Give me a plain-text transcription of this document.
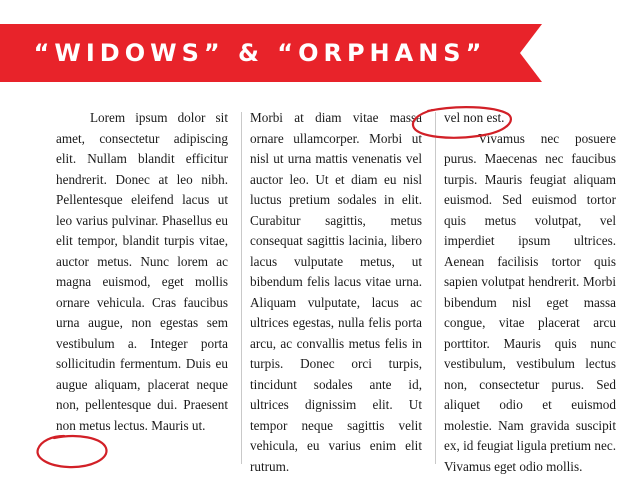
“WIDOWS” & “ORPHANS”

Lorem ipsum dolor sit amet, consectetur adipiscing elit. Nullam blandit efficitur hendrerit. Donec at leo nibh. Pellentesque eleifend lacus ut leo varius pulvinar. Phasellus eu elit tempor, blandit turpis vitae, auctor metus. Nunc lorem ac magna euismod, eget mollis ornare vehicula. Cras faucibus urna augue, non egestas sem vestibulum a. Integer porta sollicitudin fermentum. Duis eu augue aliquam, placerat neque non, pellentesque dui. Praesent non metus lectus. Mauris ut.

Morbi at diam vitae massa ornare ullamcorper. Morbi ut nisl ut urna mattis venenatis vel auctor leo. Ut et diam eu nisl luctus pretium sodales in elit. Curabitur sagittis, metus consequat sagittis lacinia, libero lacus vulputate metus, ut bibendum felis lacus vitae urna. Aliquam vulputate, lacus ac ultrices egestas, nulla felis porta arcu, ac convallis metus felis in turpis. Donec orci turpis, tincidunt sodales ante id, ultrices dignissim elit. Ut tempor neque sagittis velit vehicula, eu varius enim elit rutrum.

vel non est.

Vivamus nec posuere purus. Maecenas nec faucibus turpis. Mauris feugiat aliquam euismod. Sed euismod tortor quis metus volutpat, vel imperdiet ipsum ultrices. Aenean facilisis tortor quis sapien volutpat hendrerit. Morbi bibendum nisl eget massa congue, vitae placerat arcu porttitor. Mauris quis nunc vestibulum, vestibulum lectus non, consectetur purus. Sed aliquet odio et euismod molestie. Nam gravida suscipit ex, id feugiat ligula pretium nec. Vivamus eget odio mollis.
